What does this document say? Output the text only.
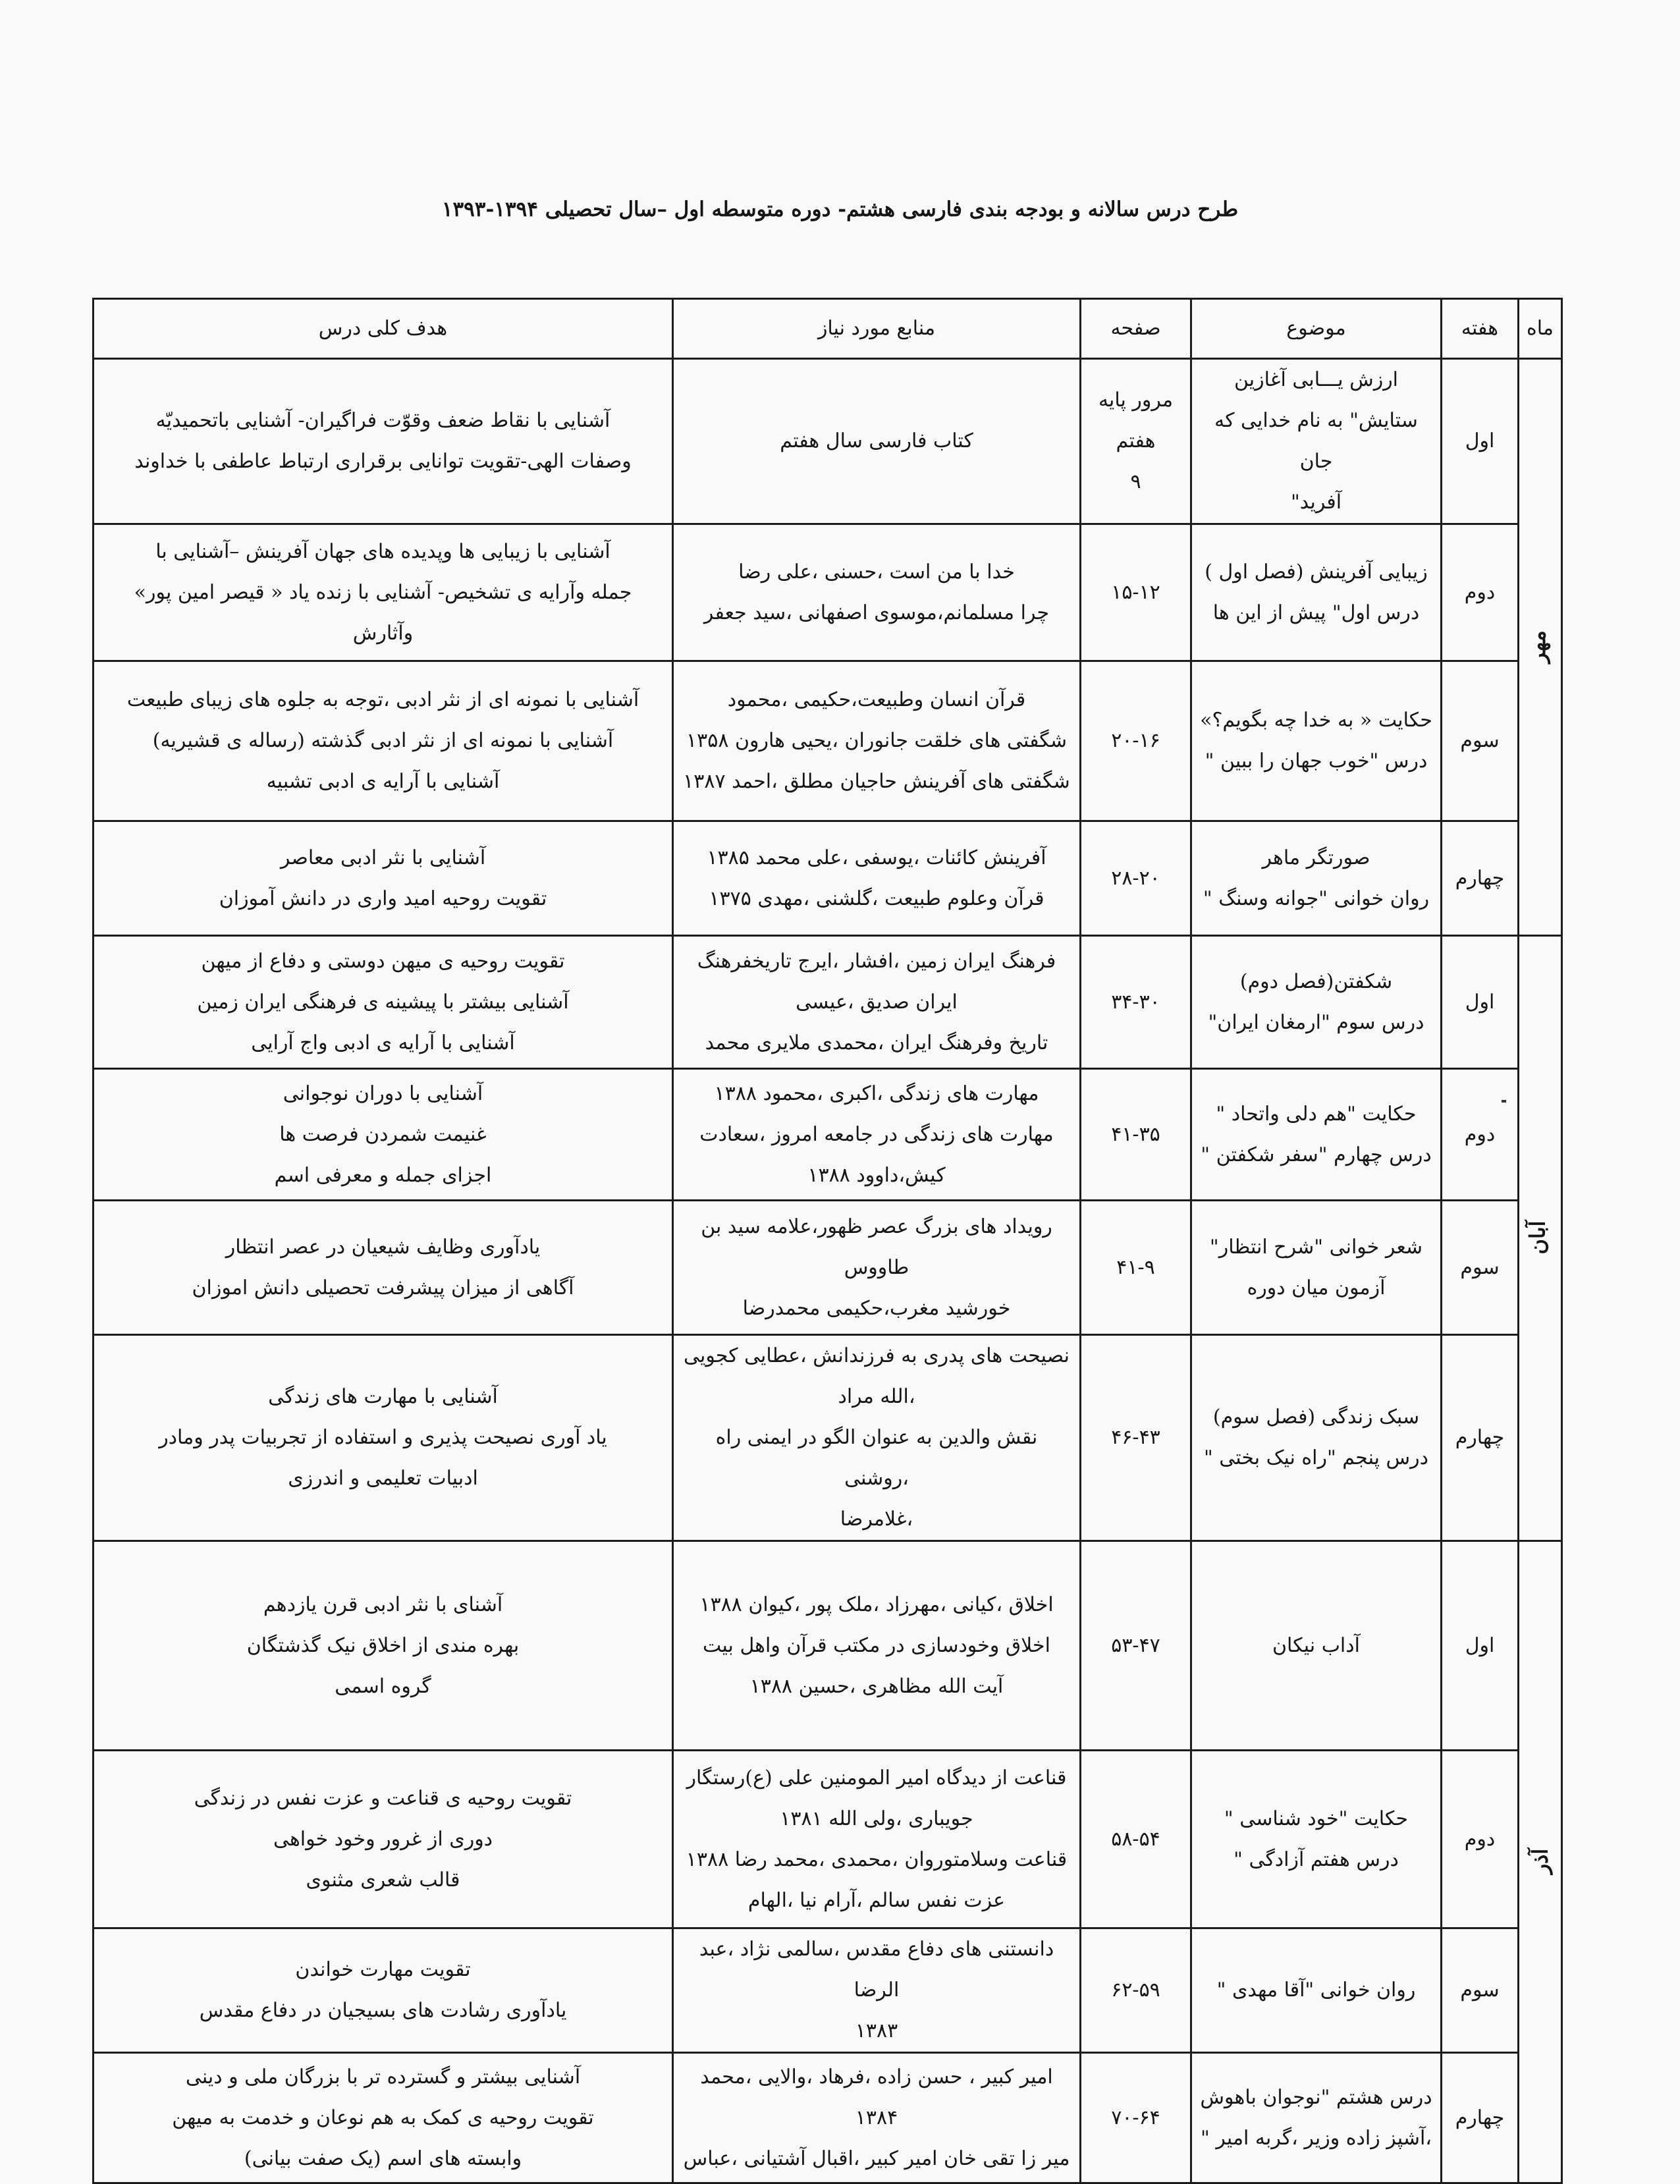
طرح درس سالانه و بودجه بندی فارسی هشتم- دوره متوسطه اول –سال تحصیلی ۱۳۹۴-۱۳۹۳
ماه	هفته	موضوع	صفحه	منابع مورد نیاز	هدف کلی درس
مهر	اول	ارزش یـــابی آغازین
ستایش" به نام خدایی که جان
آفرید"	مرور پایه
هفتم
۹	کتاب فارسی سال هفتم	آشنایی با نقاط ضعف وقوّت فراگیران- آشنایی باتحمیدیّه
وصفات الهی-تقویت توانایی برقراری ارتباط عاطفی با خداوند
	دوم	زیبایی آفرینش (فصل اول )
درس اول" پیش از این ها	۱۵-۱۲	خدا با من است ،حسنی ،علی رضا
چرا مسلمانم،موسوی اصفهانی ،سید جعفر	آشنایی با زیبایی ها وپدیده های جهان آفرینش –آشنایی با
جمله وآرایه ی تشخیص- آشنایی با زنده یاد « قیصر امین پور»
وآثارش
	سوم	حکایت « به خدا چه بگویم؟»
درس "خوب جهان را ببین "	۲۰-۱۶	قرآن انسان وطبیعت،حکیمی ،محمود
شگفتی های خلقت جانوران ،یحیی هارون ۱۳۵۸
شگفتی های آفرینش حاجیان مطلق ،احمد ۱۳۸۷	آشنایی با نمونه ای از نثر ادبی ،توجه به جلوه های زیبای طبیعت
آشنایی با نمونه ای از نثر ادبی گذشته (رساله ی قشیریه)
آشنایی با آرایه ی ادبی تشبیه
	چهارم	صورتگر ماهر
روان خوانی "جوانه وسنگ "	۲۸-۲۰	آفرینش کائنات ،یوسفی ،علی محمد ۱۳۸۵
قرآن وعلوم طبیعت ،گلشنی ،مهدی ۱۳۷۵	آشنایی با نثر ادبی معاصر
تقویت روحیه امید واری در دانش آموزان
آبان	اول	شکفتن(فصل دوم)
درس سوم "ارمغان ایران"	۳۴-۳۰	فرهنگ ایران زمین ،افشار ،ایرج تاریخفرهنگ
ایران صدیق ،عیسی
تاریخ وفرهنگ ایران ،محمدی ملایری محمد	تقویت روحیه ی میهن دوستی و دفاع از میهن
آشنایی بیشتر با پیشینه ی فرهنگی ایران زمین
آشنایی با آرایه ی ادبی واج آرایی
	دوم	حکایت "هم دلی واتحاد "
درس چهارم "سفر شکفتن "	۴۱-۳۵	مهارت های زندگی ،اکبری ،محمود ۱۳۸۸
مهارت های زندگی در جامعه امروز ،سعادت
کیش،داوود ۱۳۸۸	آشنایی با دوران نوجوانی
غنیمت شمردن فرصت ها
اجزای جمله و معرفی اسم
	سوم	شعر خوانی "شرح انتظار"
آزمون میان دوره	۴۱-۹	رویداد های بزرگ عصر ظهور،علامه سید بن
طاووس
خورشید مغرب،حکیمی محمدرضا	یادآوری وظایف شیعیان در عصر انتظار
آگاهی از میزان پیشرفت تحصیلی دانش اموزان
	چهارم	سبک زندگی (فصل سوم)
درس پنجم "راه نیک بختی "	۴۶-۴۳	نصیحت های پدری به فرزندانش ،عطایی کجویی
،الله مراد
نقش والدین به عنوان الگو در ایمنی راه ،روشنی
،غلامرضا	آشنایی با مهارت های زندگی
یاد آوری نصیحت پذیری و استفاده از تجربیات پدر ومادر
ادبیات تعلیمی و اندرزی
آذر	اول	آداب نیکان	۵۳-۴۷	اخلاق ،کیانی ،مهرزاد ،ملک پور ،کیوان ۱۳۸۸
اخلاق وخودسازی در مکتب قرآن واهل بیت
آیت الله مظاهری ،حسین ۱۳۸۸	آشنای با نثر ادبی قرن یازدهم
بهره مندی از اخلاق نیک گذشتگان
گروه اسمی
	دوم	حکایت "خود شناسی "
درس هفتم آزادگی "	۵۸-۵۴	قناعت از دیدگاه امیر المومنین علی (ع)رستگار
جویباری ،ولی الله ۱۳۸۱
قناعت وسلامتوروان ،محمدی ،محمد رضا ۱۳۸۸
عزت نفس سالم ،آرام نیا ،الهام	تقویت روحیه ی قناعت و عزت نفس در زندگی
دوری از غرور وخود خواهی
قالب شعری مثنوی
	سوم	روان خوانی "آقا مهدی "	۶۲-۵۹	دانستنی های دفاع مقدس ،سالمی نژاد ،عبد الرضا
۱۳۸۳	تقویت مهارت خواندن
یادآوری رشادت های بسیجیان در دفاع مقدس
	چهارم	درس هشتم "نوجوان باهوش
،آشپز زاده وزیر ،گربه امیر "	۷۰-۶۴	امیر کبیر ، حسن زاده ،فرهاد ،والایی ،محمد
۱۳۸۴
میر زا تقی خان امیر کبیر ،اقبال آشتیانی ،عباس	آشنایی بیشتر و گسترده تر با بزرگان ملی و دینی
تقویت روحیه ی کمک به هم نوعان و خدمت به میهن
وابسته های اسم (یک صفت بیانی)
